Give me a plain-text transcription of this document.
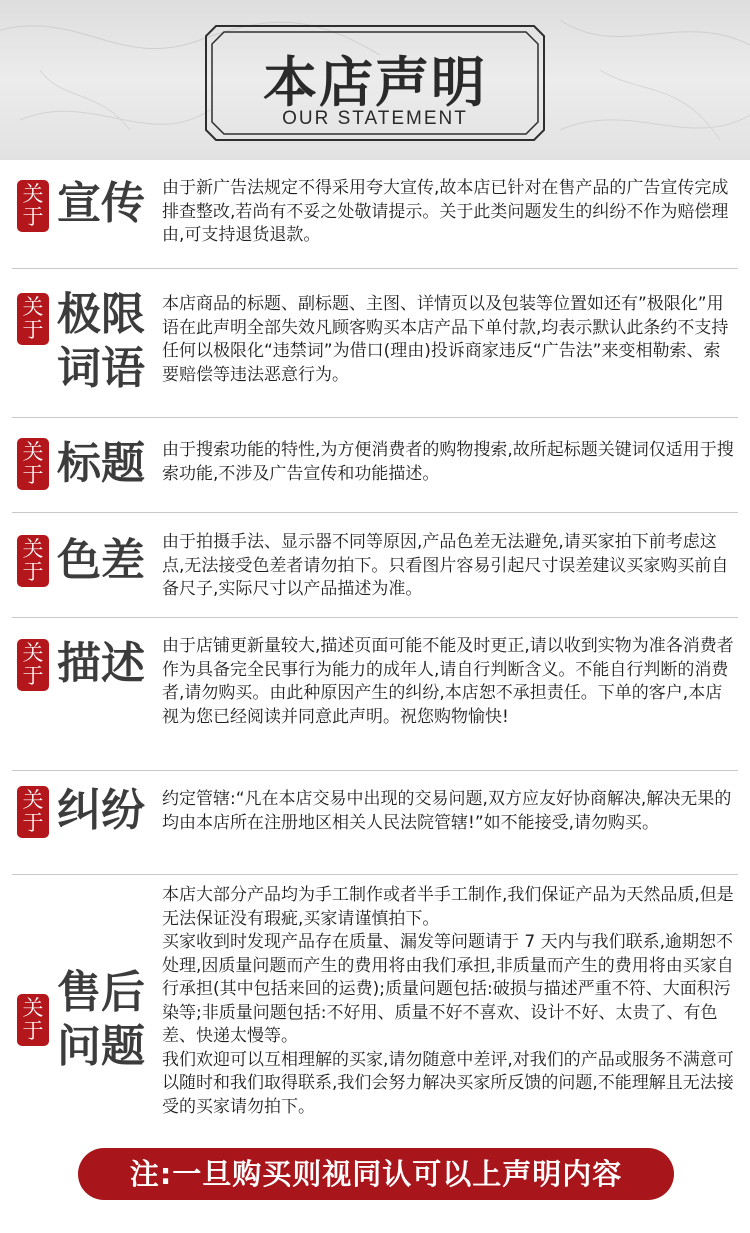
本店声明
OUR STATEMENT
关
于 宣传 由于新广告法规定不得采用夸大宣传,故本店已针对在售产品的广告宣传完成排查整改,若尚有不妥之处敬请提示。关于此类问题发生的纠纷不作为赔偿理由,可支持退货退款。

关
于 极限
词语

本店商品的标题、副标题、主图、详情页以及包装等位置如还有”极限化”用语在此声明全部失效凡顾客购买本店产品下单付款,均表示默认此条约不支持任何以极限化“违禁词”为借口(理由)投诉商家违反“广告法”来变相勒索、索要赔偿等违法恶意行为。

关
于 标题 由于搜索功能的特性,为方便消费者的购物搜索,故所起标题关键词仅适用于搜索功能,不涉及广告宣传和功能描述。

关
于 色差 由于拍摄手法、显示器不同等原因,产品色差无法避免,请买家拍下前考虑这点,无法接受色差者请勿拍下。只看图片容易引起尺寸误差建议买家购买前自备尺子,实际尺寸以产品描述为准。

关
于 描述 由于店铺更新量较大,描述页面可能不能及时更正,请以收到实物为准各消费者作为具备完全民事行为能力的成年人,请自行判断含义。不能自行判断的消费者,请勿购买。由此种原因产生的纠纷,本店恕不承担责任。下单的客户,本店视为您已经阅读并同意此声明。祝您购物愉快!

关
于 纠纷 约定管辖:“凡在本店交易中出现的交易问题,双方应友好协商解决,解决无果的均由本店所在注册地区相关人民法院管辖!”如不能接受,请勿购买。

关
于
售后
问题

本店大部分产品均为手工制作或者半手工制作,我们保证产品为天然品质,但是无法保证没有瑕疵,买家请谨慎拍下。

买家收到时发现产品存在质量、漏发等问题请于 7 天内与我们联系,逾期恕不处理,因质量问题而产生的费用将由我们承担,非质量而产生的费用将由买家自行承担(其中包括来回的运费);质量问题包括:破损与描述严重不符、大面积污染等;非质量问题包括:不好用、质量不好不喜欢、设计不好、太贵了、有色差、快递太慢等。

我们欢迎可以互相理解的买家,请勿随意中差评,对我们的产品或服务不满意可以随时和我们取得联系,我们会努力解决买家所反馈的问题,不能理解且无法接受的买家请勿拍下。

注:一旦购买则视同认可以上声明内容
